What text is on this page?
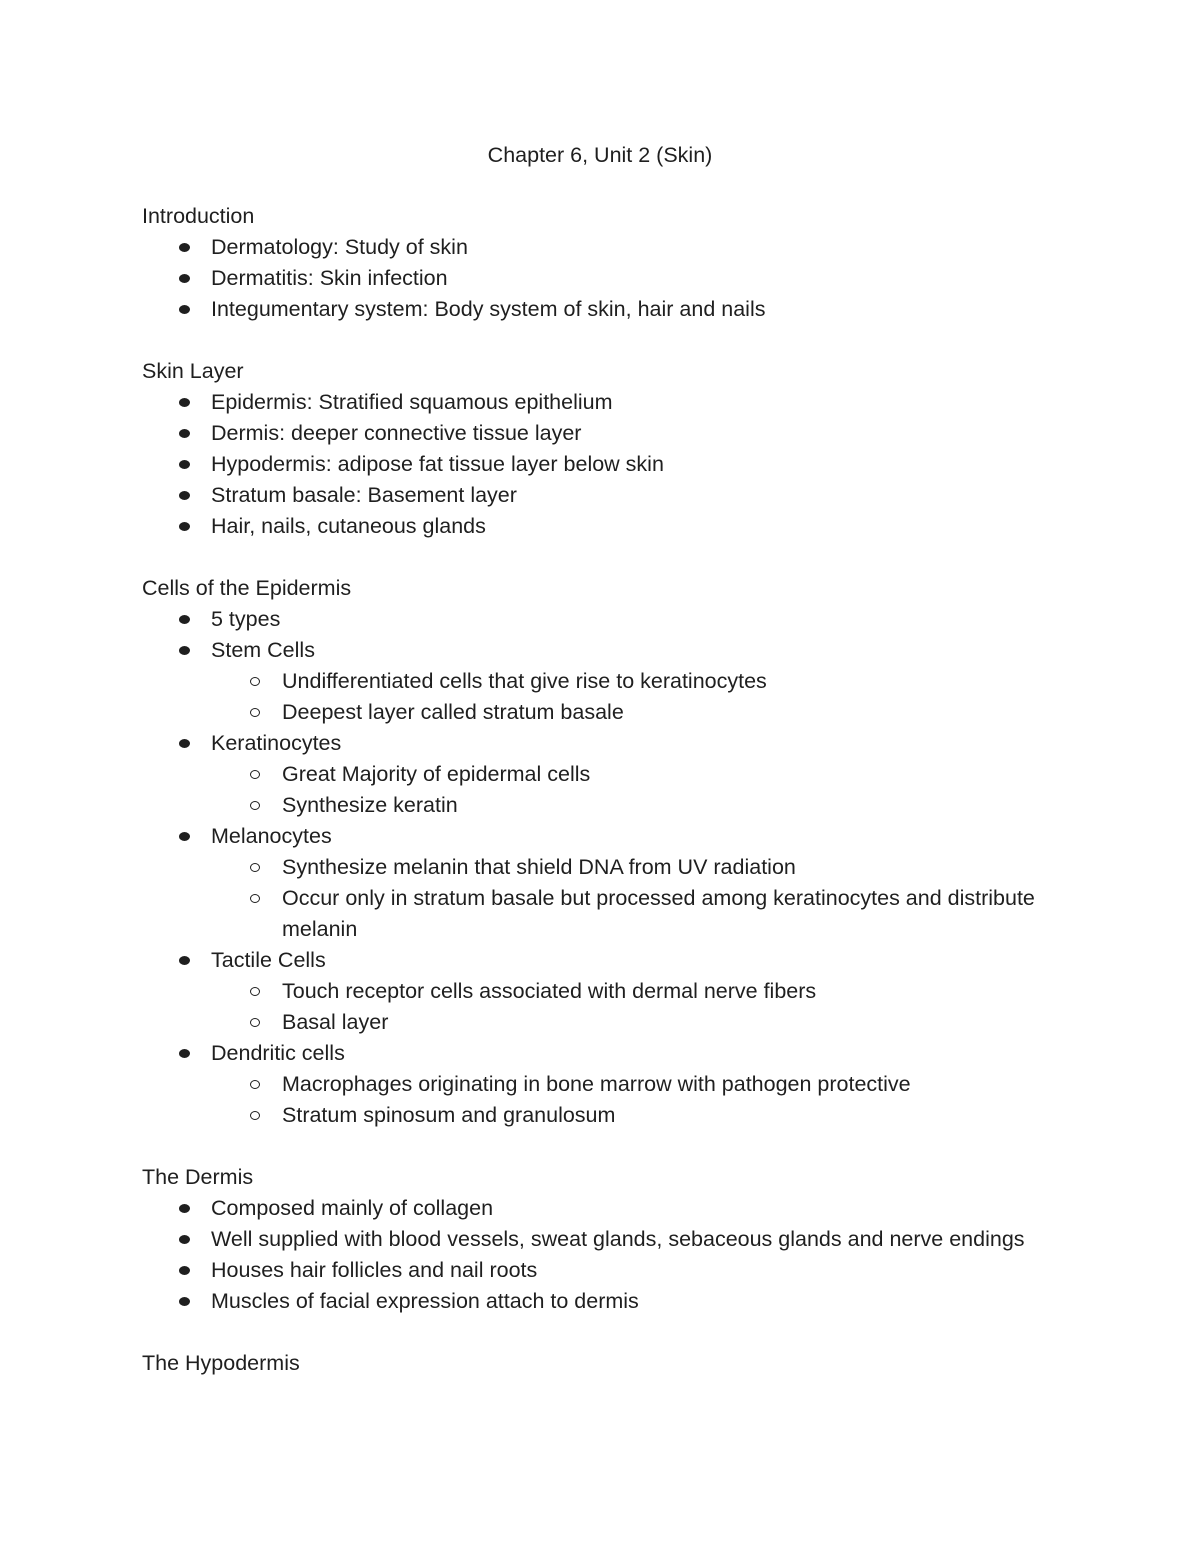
Chapter 6, Unit 2 (Skin)
Introduction
Dermatology: Study of skin
Dermatitis: Skin infection
Integumentary system: Body system of skin, hair and nails
Skin Layer
Epidermis: Stratified squamous epithelium
Dermis: deeper connective tissue layer
Hypodermis: adipose fat tissue layer below skin
Stratum basale: Basement layer
Hair, nails, cutaneous glands
Cells of the Epidermis
5 types
Stem Cells
Undifferentiated cells that give rise to keratinocytes
Deepest layer called stratum basale
Keratinocytes
Great Majority of epidermal cells
Synthesize keratin
Melanocytes
Synthesize melanin that shield DNA from UV radiation
Occur only in stratum basale but processed among keratinocytes and distribute melanin
Tactile Cells
Touch receptor cells associated with dermal nerve fibers
Basal layer
Dendritic cells
Macrophages originating in bone marrow with pathogen protective
Stratum spinosum and granulosum
The Dermis
Composed mainly of collagen
Well supplied with blood vessels, sweat glands, sebaceous glands and nerve endings
Houses hair follicles and nail roots
Muscles of facial expression attach to dermis
The Hypodermis
